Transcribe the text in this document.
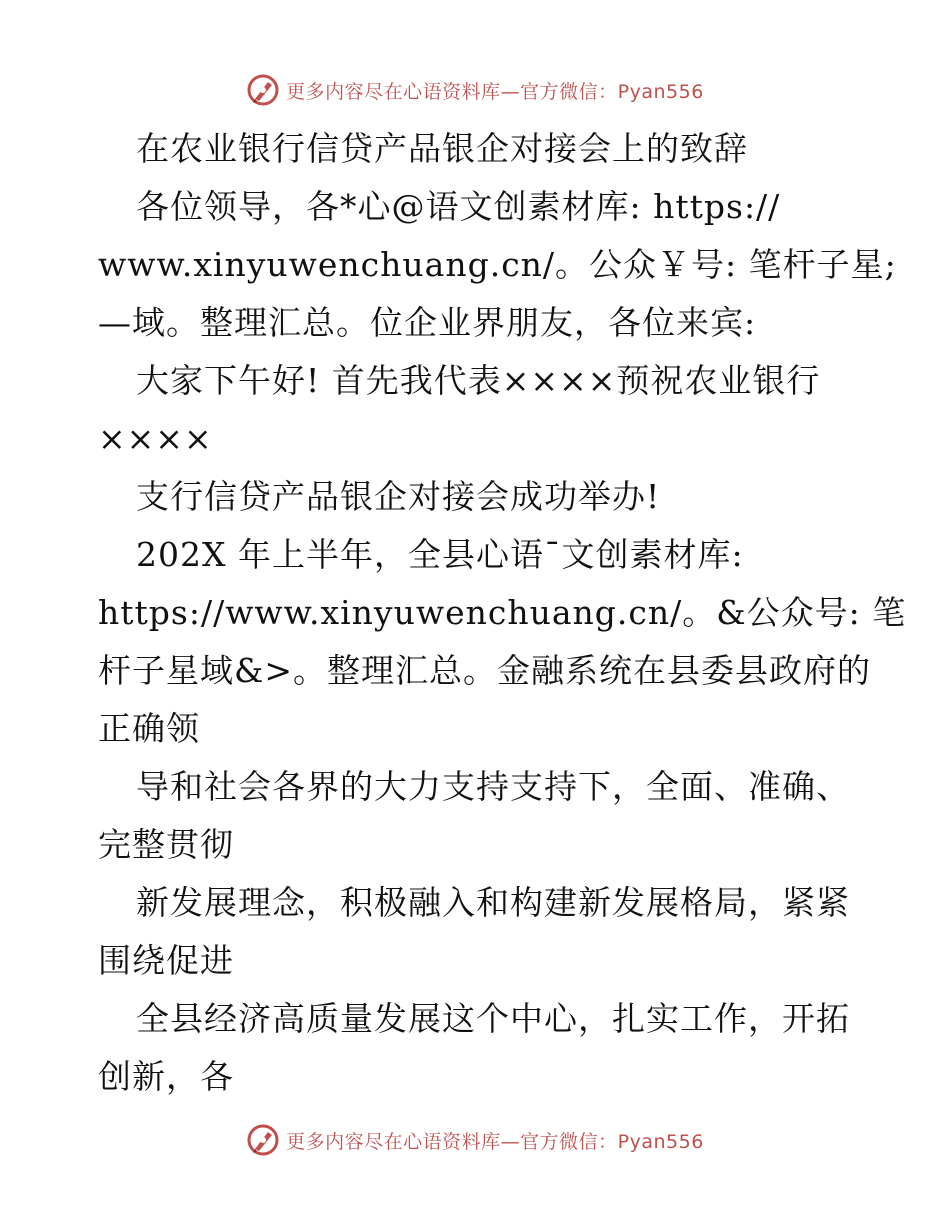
更多内容尽在心语资料库—官方微信：Pyan556

在农业银行信贷产品银企对接会上的致辞

各位领导，各*心@语文创素材库: https://

www.xinyuwenchuang.cn/。公众￥号: 笔杆子星;

—域。整理汇总。位企业界朋友，各位来宾:

大家下午好! 首先我代表××××预祝农业银行

××××

支行信贷产品银企对接会成功举办!

202X 年上半年，全县心语¯文创素材库:

https://www.xinyuwenchuang.cn/。&公众号: 笔

杆子星域&>。整理汇总。金融系统在县委县政府的

正确领

导和社会各界的大力支持支持下，全面、准确、

完整贯彻

新发展理念，积极融入和构建新发展格局，紧紧

围绕促进

全县经济高质量发展这个中心，扎实工作，开拓

创新，各

更多内容尽在心语资料库—官方微信：Pyan556
